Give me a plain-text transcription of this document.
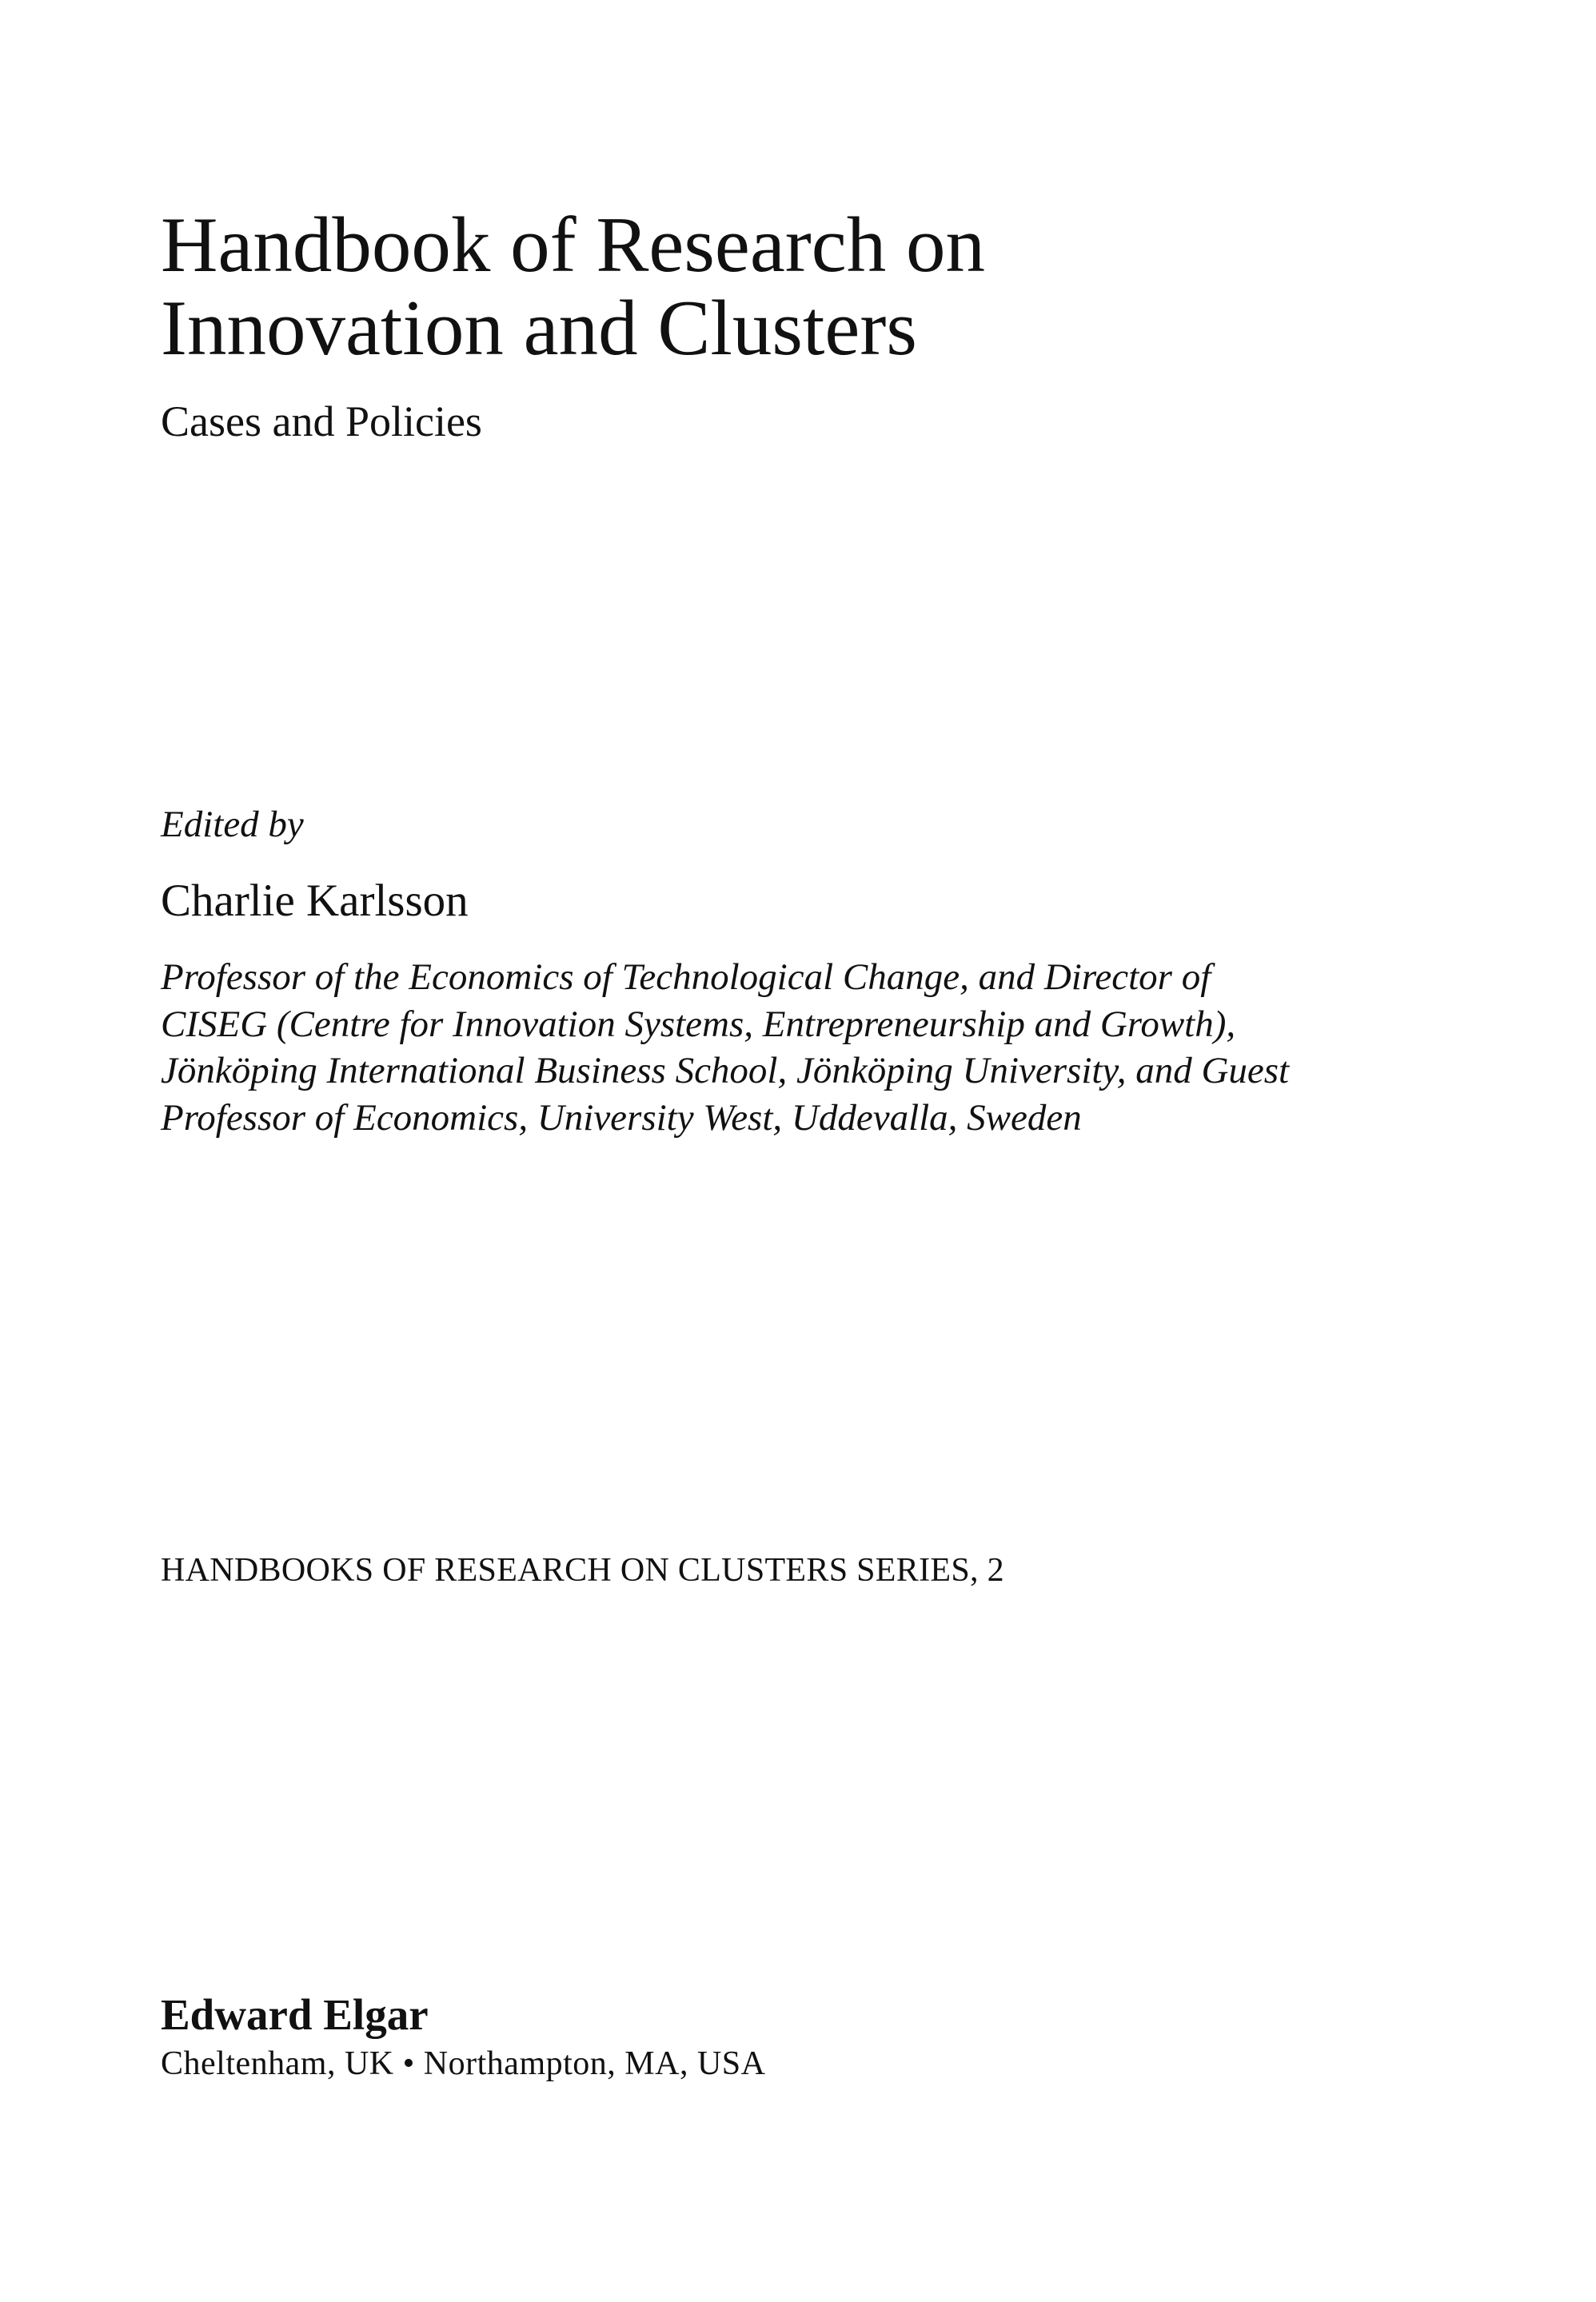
Handbook of Research on
Innovation and Clusters
Cases and Policies
Edited by
Charlie Karlsson
Professor of the Economics of Technological Change, and Director of
CISEG (Centre for Innovation Systems, Entrepreneurship and Growth),
Jönköping International Business School, Jönköping University, and Guest
Professor of Economics, University West, Uddevalla, Sweden
HANDBOOKS OF RESEARCH ON CLUSTERS SERIES, 2
Edward Elgar
Cheltenham, UK • Northampton, MA, USA
